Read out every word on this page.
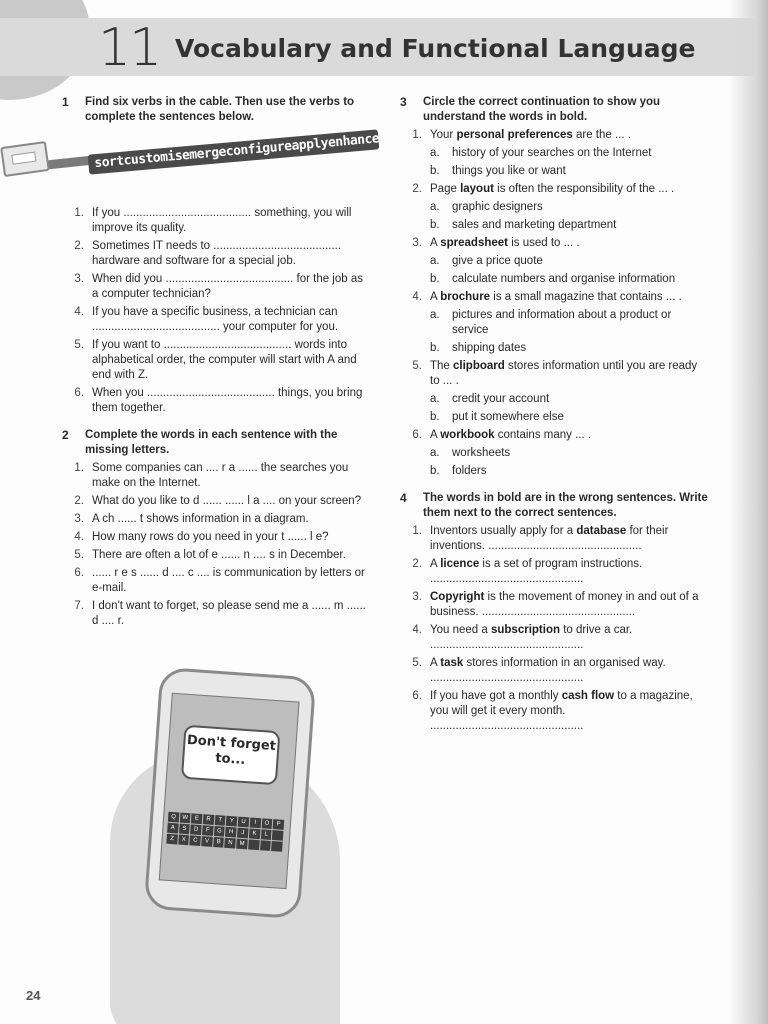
11 Vocabulary and Functional Language
1	Find six verbs in the cable. Then use the verbs to complete the sentences below.
sortcustomisemergeconfigureapplyenhance
1. If you ........................................ something, you will improve its quality.
2. Sometimes IT needs to ........................................ hardware and software for a special job.
3. When did you ........................................ for the job as a computer technician?
4. If you have a specific business, a technician can ........................................ your computer for you.
5. If you want to ........................................ words into alphabetical order, the computer will start with A and end with Z.
6. When you ........................................ things, you bring them together.
2	Complete the words in each sentence with the missing letters.
1. Some companies can .... r a ...... the searches you make on the Internet.
2. What do you like to d ...... ...... l a .... on your screen?
3. A ch ...... t shows information in a diagram.
4. How many rows do you need in your t ...... l e?
5. There are often a lot of e ...... n .... s in December.
6. ...... r e s ...... d .... c .... is communication by letters or e-mail.
7. I don't want to forget, so please send me a ...... m ...... d .... r.
3	Circle the correct continuation to show you understand the words in bold.
1. Your personal preferences are the ... .
a.	history of your searches on the Internet
b.	things you like or want
2. Page layout is often the responsibility of the ... .
a.	graphic designers
b.	sales and marketing department
3. A spreadsheet is used to ... .
a.	give a price quote
b.	calculate numbers and organise information
4. A brochure is a small magazine that contains ... .
a.	pictures and information about a product or service
b.	shipping dates
5. The clipboard stores information until you are ready to ... .
a.	credit your account
b.	put it somewhere else
6. A workbook contains many ... .
a.	worksheets
b.	folders
4	The words in bold are in the wrong sentences. Write them next to the correct sentences.
1. Inventors usually apply for a database for their inventions. ................................................
2. A licence is a set of program instructions. ................................................
3. Copyright is the movement of money in and out of a business. ................................................
4. You need a subscription to drive a car. ................................................
5. A task stores information in an organised way. ................................................
6. If you have got a monthly cash flow to a magazine, you will get it every month. ................................................
Don't forget to...
Q	W	E	R	T	Y	U	I	O	P
A	S	D	F	G	H	J	K	L
Z	X	C	V	B	N	M
24
